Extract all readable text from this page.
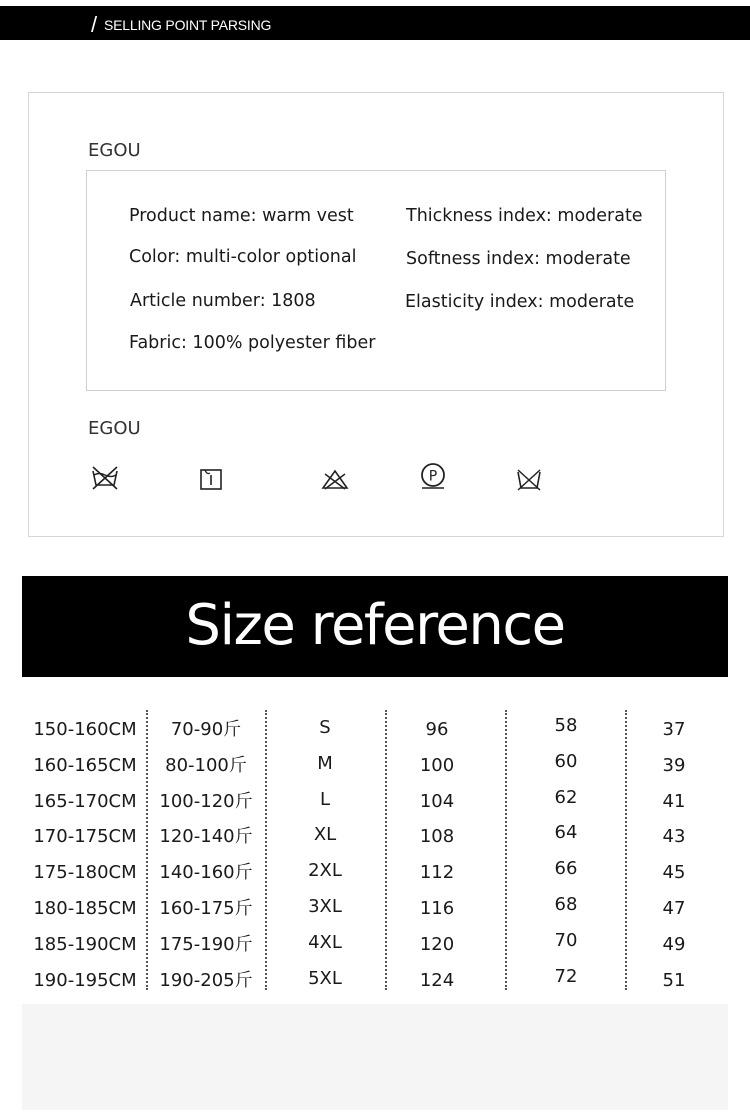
/ SELLING POINT PARSING
EGOU
Product name: warm vest
Color: multi-color optional
Article number: 1808
Fabric: 100% polyester fiber
Thickness index: moderate
Softness index: moderate
Elasticity index: moderate
EGOU
P
Size reference
150-160CM
160-165CM
165-170CM
170-175CM
175-180CM
180-185CM
185-190CM
190-195CM
70-90斤
80-100斤
100-120斤
120-140斤
140-160斤
160-175斤
175-190斤
190-205斤
S
M
L
XL
2XL
3XL
4XL
5XL
96
100
104
108
112
116
120
124
58
60
62
64
66
68
70
72
37
39
41
43
45
47
49
51
